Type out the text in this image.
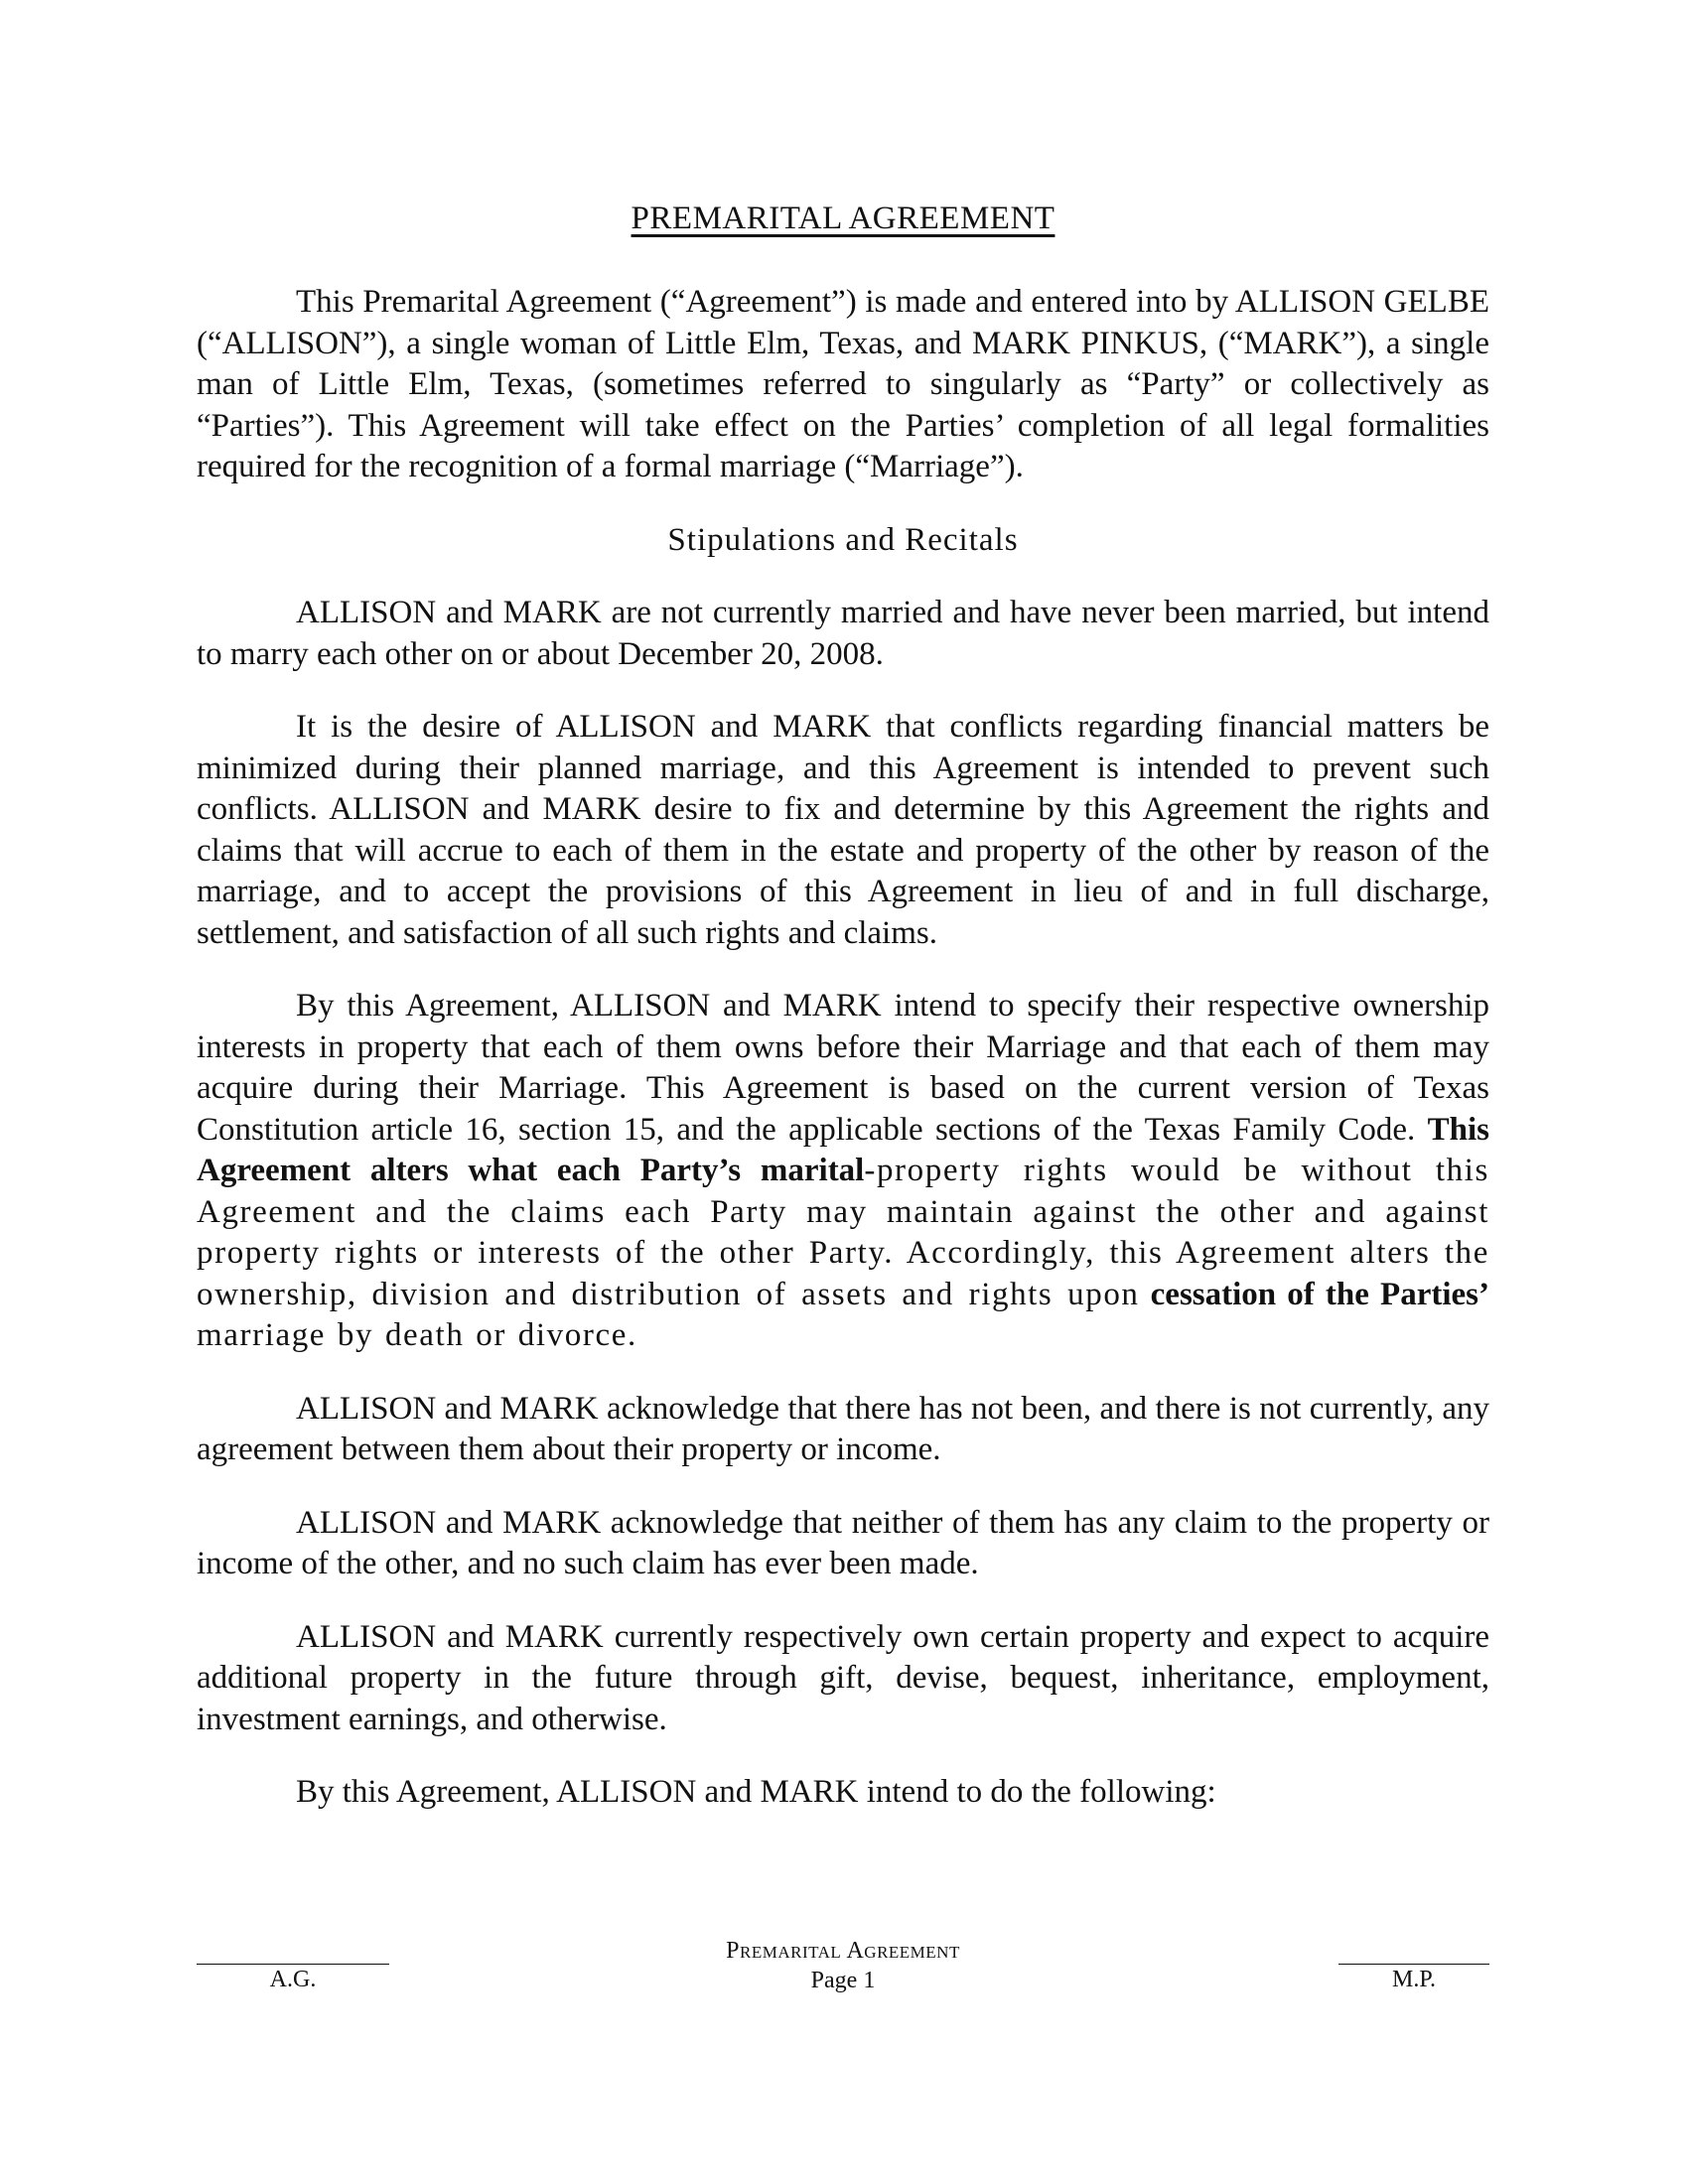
PREMARITAL AGREEMENT

This Premarital Agreement (“Agreement”) is made and entered into by ALLISON GELBE (“ALLISON”), a single woman of Little Elm, Texas, and MARK PINKUS, (“MARK”), a single man of Little Elm, Texas, (sometimes referred to singularly as “Party” or collectively as “Parties”). This Agreement will take effect on the Parties’ completion of all legal formalities required for the recognition of a formal marriage (“Marriage”).

Stipulations and Recitals

ALLISON and MARK are not currently married and have never been married, but intend to marry each other on or about December 20, 2008.

It is the desire of ALLISON and MARK that conflicts regarding financial matters be minimized during their planned marriage, and this Agreement is intended to prevent such conflicts. ALLISON and MARK desire to fix and determine by this Agreement the rights and claims that will accrue to each of them in the estate and property of the other by reason of the marriage, and to accept the provisions of this Agreement in lieu of and in full discharge, settlement, and satisfaction of all such rights and claims.

By this Agreement, ALLISON and MARK intend to specify their respective ownership interests in property that each of them owns before their Marriage and that each of them may acquire during their Marriage. This Agreement is based on the current version of Texas Constitution article 16, section 15, and the applicable sections of the Texas Family Code. This Agreement alters what each Party’s marital-property rights would be without this Agreement and the claims each Party may maintain against the other and against property rights or interests of the other Party. Accordingly, this Agreement alters the ownership, division and distribution of assets and rights upon cessation of the Parties’ marriage by death or divorce.

ALLISON and MARK acknowledge that there has not been, and there is not currently, any agreement between them about their property or income.

ALLISON and MARK acknowledge that neither of them has any claim to the property or income of the other, and no such claim has ever been made.

ALLISON and MARK currently respectively own certain property and expect to acquire additional property in the future through gift, devise, bequest, inheritance, employment, investment earnings, and otherwise.

By this Agreement, ALLISON and MARK intend to do the following:

A.G.
Premarital Agreement
Page 1	M.P.
